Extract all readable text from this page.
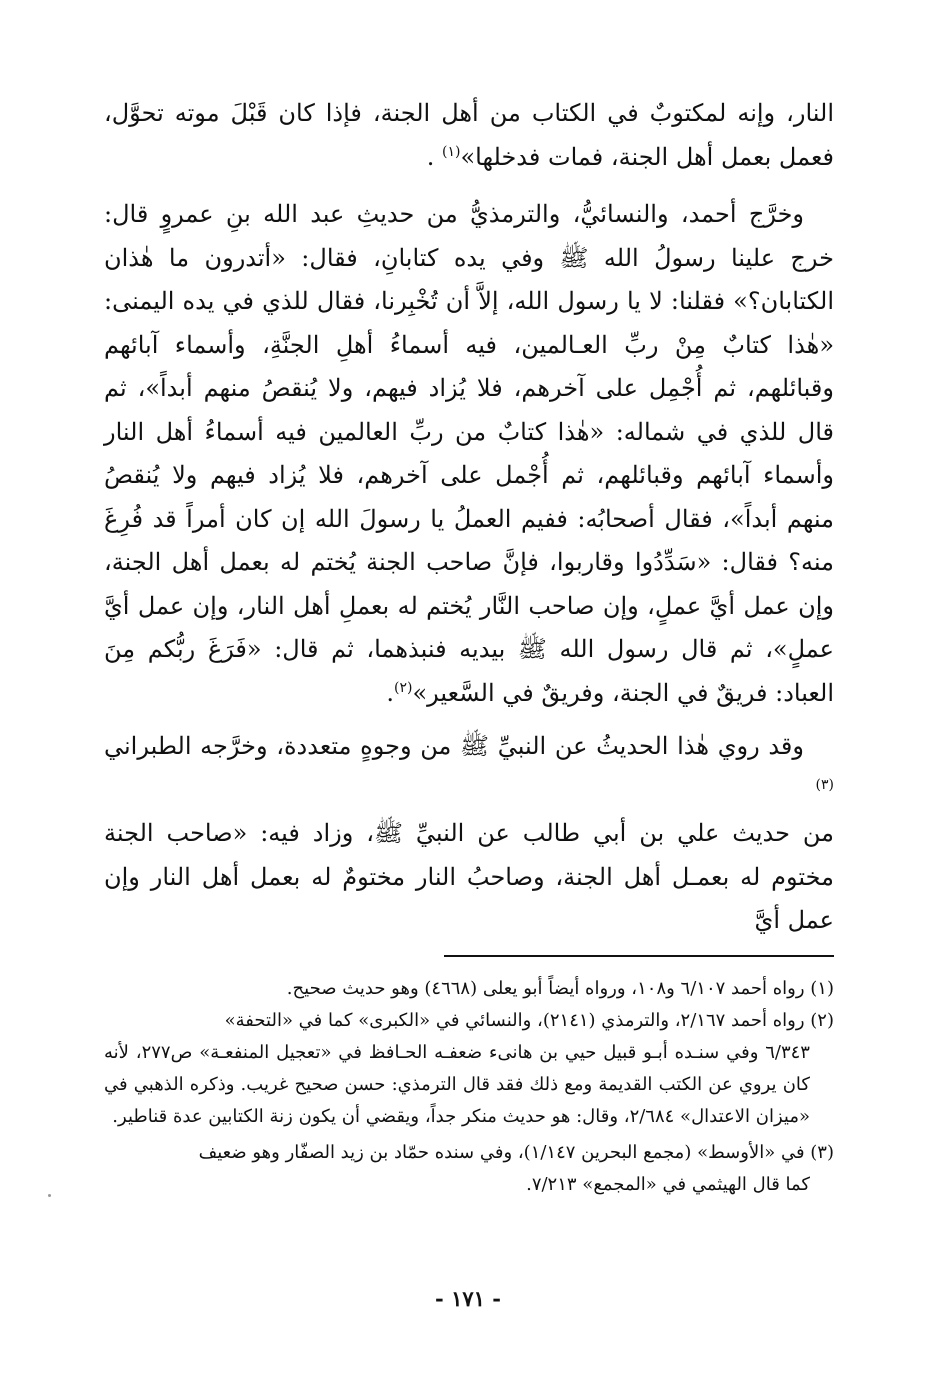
النار، وإنه لمكتوبٌ في الكتاب من أهل الجنة، فإذا كان قَبْلَ موته تحوَّل، فعمل بعمل أهل الجنة، فمات فدخلها»$^{(١)}$ .

وخرَّج أحمد، والنسائيُّ، والترمذيُّ من حديثِ عبد الله بنِ عمروٍ قال: خرج علينا رسولُ الله ﷺ وفي يده كتابانِ، فقال: «أتدرون ما هٰذان الكتابان؟» فقلنا: لا يا رسول الله، إلاَّ أن تُخْبِرنا، فقال للذي في يده اليمنى: «هٰذا كتابٌ مِنْ ربِّ العـالمين، فيه أسماءُ أهلِ الجنَّةِ، وأسماء آبائهم وقبائلهم، ثم أُجْمِل على آخرهم، فلا يُزاد فيهم، ولا يُنقصُ منهم أبداً»، ثم قال للذي في شماله: «هٰذا كتابٌ من ربِّ العالمين فيه أسماءُ أهل النار وأسماء آبائهم وقبائلهم، ثم أُجْمل على آخرهم، فلا يُزاد فيهم ولا يُنقصُ منهم أبداً»، فقال أصحابُه: ففيم العملُ يا رسولَ الله إن كان أمراً قد فُرِغَ منه؟ فقال: «سَدِّدُوا وقاربوا، فإنَّ صاحب الجنة يُختم له بعمل أهل الجنة، وإن عمل أيَّ عملٍ، وإن صاحب النَّار يُختم له بعملِ أهل النار، وإن عمل أيَّ عملٍ»، ثم قال رسول الله ﷺ بيديه فنبذهما، ثم قال: «فَرَغَ ربُّكم مِنَ العباد: فريقٌ في الجنة، وفريقٌ في السَّعير»$^{(٢)}$.

وقد روي هٰذا الحديثُ عن النبيِّ ﷺ من وجوهٍ متعددة، وخرَّجه الطبراني $^{(٣)}$

من حديث علي بن أبي طالب عن النبيِّ ﷺ، وزاد فيه: «صاحب الجنة مختوم له بعمـل أهل الجنة، وصاحبُ النار مختومٌ له بعمل أهل النار وإن عمل أيَّ

(١) رواه أحمد ٦/١٠٧ و١٠٨، ورواه أيضاً أبو يعلى (٤٦٦٨) وهو حديث صحيح.

(٢) رواه أحمد ٢/١٦٧، والترمذي (٢١٤١)، والنسائي في «الكبرى» كما في «التحفة»

٦/٣٤٣ وفي سنـده أبـو قبيل حيي بن هانىء ضعفـه الحـافظ في «تعجيل المنفعـة» ص٢٧٧، لأنه كان يروي عن الكتب القديمة ومع ذلك فقد قال الترمذي: حسن صحيح غريب. وذكره الذهبي في «ميزان الاعتدال» ٢/٦٨٤، وقال: هو حديث منكر جداً، ويقضي أن يكون زنة الكتابين عدة قناطير.

(٣) في «الأوسط» (مجمع البحرين ١/١٤٧)، وفي سنده حمّاد بن زيد الصفّار وهو ضعيف

كما قال الهيثمي في «المجمع» ٧/٢١٣.

- ١٧١ -
